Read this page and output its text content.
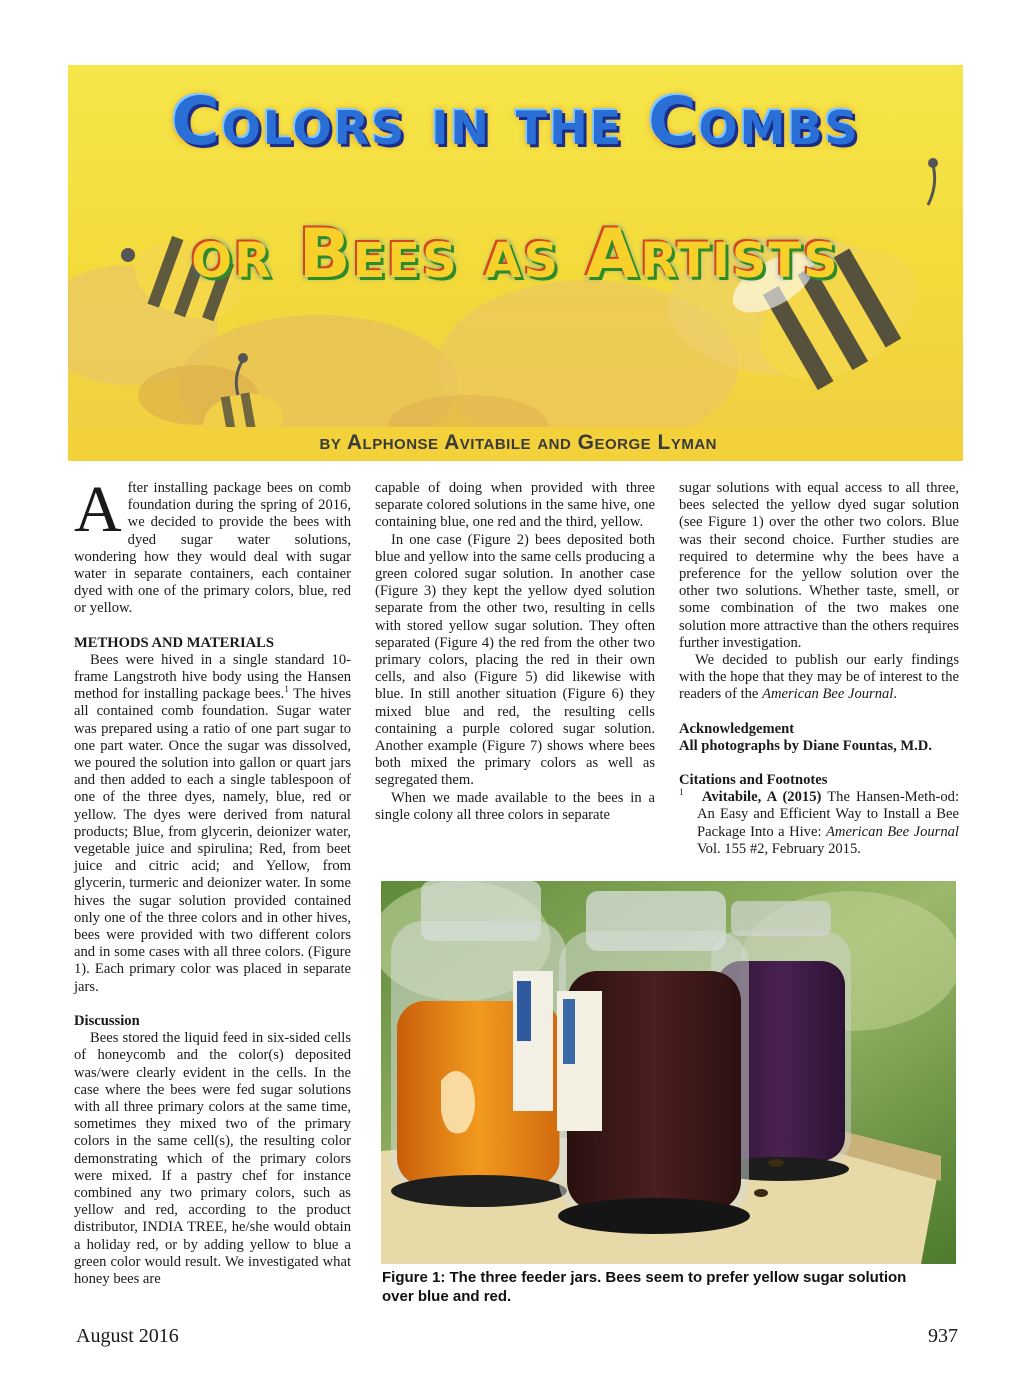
Colors in the Combs
or Bees as Artists
by Alphonse Avitabile and George Lyman

After installing package bees on comb foundation during the spring of 2016, we decided to provide the bees with dyed sugar water solutions, wondering how they would deal with sugar water in separate containers, each container dyed with one of the primary colors, blue, red or yellow.

METHODS AND MATERIALS

Bees were hived in a single standard 10-frame Langstroth hive body using the Hansen method for installing package bees.$^1$ The hives all contained comb foundation. Sugar water was prepared using a ratio of one part sugar to one part water. Once the sugar was dissolved, we poured the solution into gallon or quart jars and then added to each a single tablespoon of one of the three dyes, namely, blue, red or yellow. The dyes were derived from natural products; Blue, from glycerin, deionizer water, vegetable juice and spirulina; Red, from beet juice and citric acid; and Yellow, from glycerin, turmeric and deionizer water. In some hives the sugar solution provided contained only one of the three colors and in other hives, bees were provided with two different colors and in some cases with all three colors. (Figure 1). Each primary color was placed in separate jars.

Discussion

Bees stored the liquid feed in six-sided cells of honeycomb and the color(s) deposited was/were clearly evident in the cells. In the case where the bees were fed sugar solutions with all three primary colors at the same time, sometimes they mixed two of the primary colors in the same cell(s), the resulting color demonstrating which of the primary colors were mixed. If a pastry chef for instance combined any two primary colors, such as yellow and red, according to the product distributor, INDIA TREE, he/she would obtain a holiday red, or by adding yellow to blue a green color would result. We investigated what honey bees are

capable of doing when provided with three separate colored solutions in the same hive, one containing blue, one red and the third, yellow.

In one case (Figure 2) bees deposited both blue and yellow into the same cells producing a green colored sugar solution. In another case (Figure 3) they kept the yellow dyed solution separate from the other two, resulting in cells with stored yellow sugar solution. They often separated (Figure 4) the red from the other two primary colors, placing the red in their own cells, and also (Figure 5) did likewise with blue. In still another situation (Figure 6) they mixed blue and red, the resulting cells containing a purple colored sugar solution. Another example (Figure 7) shows where bees both mixed the primary colors as well as segregated them.

When we made available to the bees in a single colony all three colors in separate

sugar solutions with equal access to all three, bees selected the yellow dyed sugar solution (see Figure 1) over the other two colors. Blue was their second choice. Further studies are required to determine why the bees have a preference for the yellow solution over the other two solutions. Whether taste, smell, or some combination of the two makes one solution more attractive than the others requires further investigation.

We decided to publish our early findings with the hope that they may be of interest to the readers of the American Bee Journal.

Acknowledgement

All photographs by Diane Fountas, M.D.

Citations and Footnotes

$^1$ Avitabile, A (2015) The Hansen-Meth-od: An Easy and Efficient Way to Install a Bee Package Into a Hive: American Bee Journal Vol. 155 #2, February 2015.

Figure 1: The three feeder jars. Bees seem to prefer yellow sugar solution over blue and red.
August 2016	937
